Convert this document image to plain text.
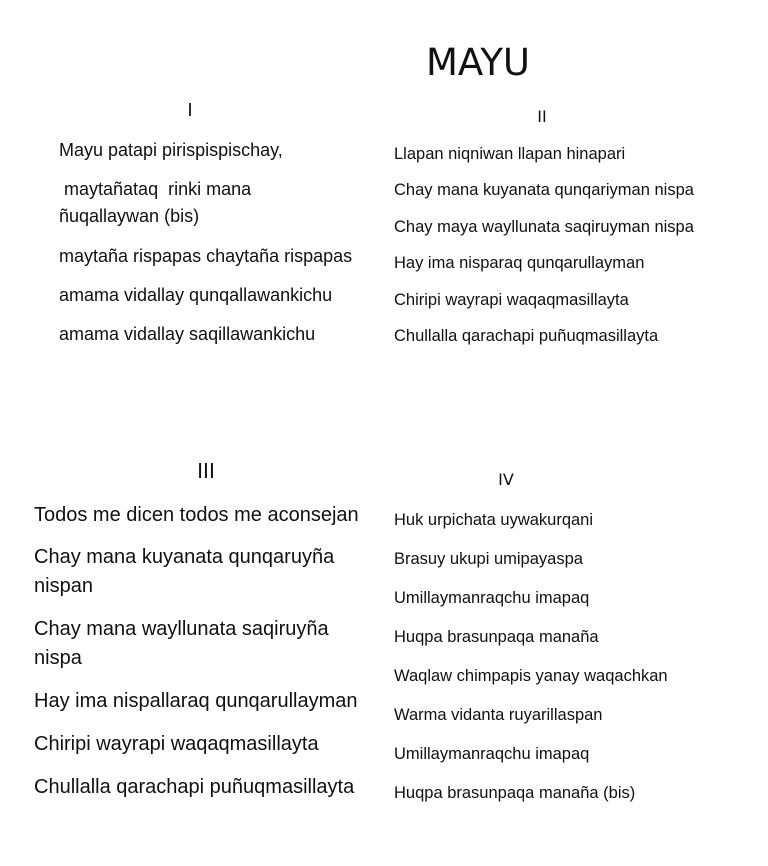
MAYU
I
Mayu patapi pirispispischay,
maytañataq  rinki mana ñuqallaywan (bis)
maytaña rispapas chaytaña rispapas
amama vidallay qunqallawankichu
amama vidallay saqillawankichu
II
Llapan niqniwan llapan hinapari
Chay mana kuyanata qunqariyman nispa
Chay maya wayllunata saqiruyman nispa
Hay ima nisparaq qunqarullayman
Chiripi wayrapi waqaqmasillayta
Chullalla qarachapi puñuqmasillayta
III
Todos me dicen todos me aconsejan
Chay mana kuyanata qunqaruyña nispan
Chay mana wayllunata saqiruyña nispa
Hay ima nispallaraq qunqarullayman
Chiripi wayrapi waqaqmasillayta
Chullalla qarachapi puñuqmasillayta
IV
Huk urpichata uywakurqani
Brasuy ukupi umipayaspa
Umillaymanraqchu imapaq
Huqpa brasunpaqa manaña
Waqlaw chimpapis yanay waqachkan
Warma vidanta ruyarillaspan
Umillaymanraqchu imapaq
Huqpa brasunpaqa manaña (bis)
